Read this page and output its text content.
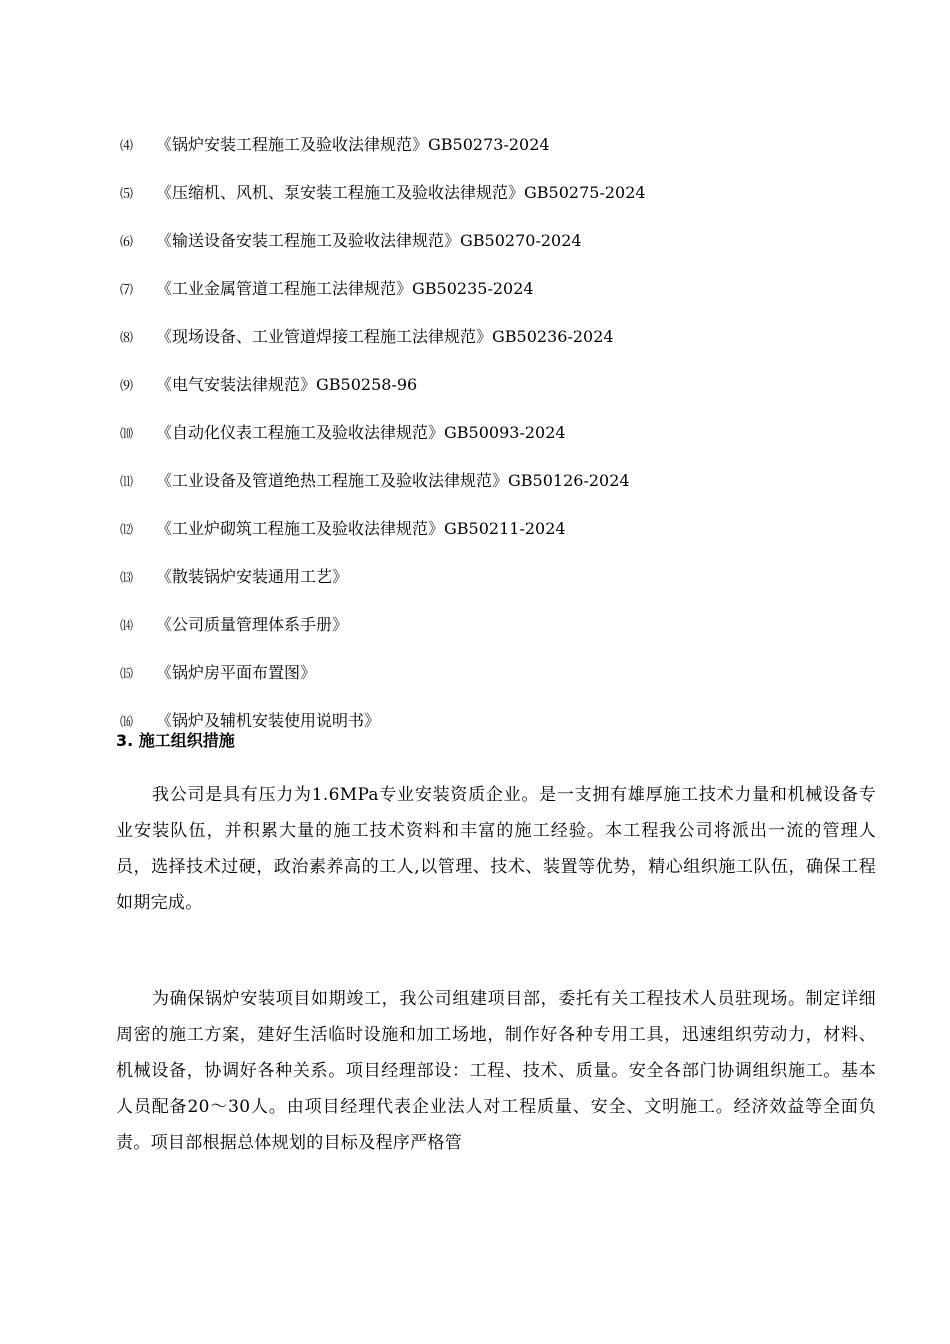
⑷ 《锅炉安装工程施工及验收法律规范》GB50273-2024
⑸ 《压缩机、风机、泵安装工程施工及验收法律规范》GB50275-2024
⑹ 《输送设备安装工程施工及验收法律规范》GB50270-2024
⑺ 《工业金属管道工程施工法律规范》GB50235-2024
⑻ 《现场设备、工业管道焊接工程施工法律规范》GB50236-2024
⑼ 《电气安装法律规范》GB50258-96
⑽ 《自动化仪表工程施工及验收法律规范》GB50093-2024
⑾ 《工业设备及管道绝热工程施工及验收法律规范》GB50126-2024
⑿ 《工业炉砌筑工程施工及验收法律规范》GB50211-2024
⒀ 《散装锅炉安装通用工艺》
⒁ 《公司质量管理体系手册》
⒂ 《锅炉房平面布置图》
⒃ 《锅炉及辅机安装使用说明书》
3. 施工组织措施

我公司是具有压力为1.6MPa专业安装资质企业。是一支拥有雄厚施工技术力量和机械设备专业安装队伍，并积累大量的施工技术资料和丰富的施工经验。本工程我公司将派出一流的管理人员，选择技术过硬，政治素养高的工人,以管理、技术、装置等优势，精心组织施工队伍，确保工程如期完成。

为确保锅炉安装项目如期竣工，我公司组建项目部，委托有关工程技术人员驻现场。制定详细周密的施工方案，建好生活临时设施和加工场地，制作好各种专用工具，迅速组织劳动力，材料、机械设备，协调好各种关系。项目经理部设：工程、技术、质量。安全各部门协调组织施工。基本人员配备20～30人。由项目经理代表企业法人对工程质量、安全、文明施工。经济效益等全面负责。项目部根据总体规划的目标及程序严格管
